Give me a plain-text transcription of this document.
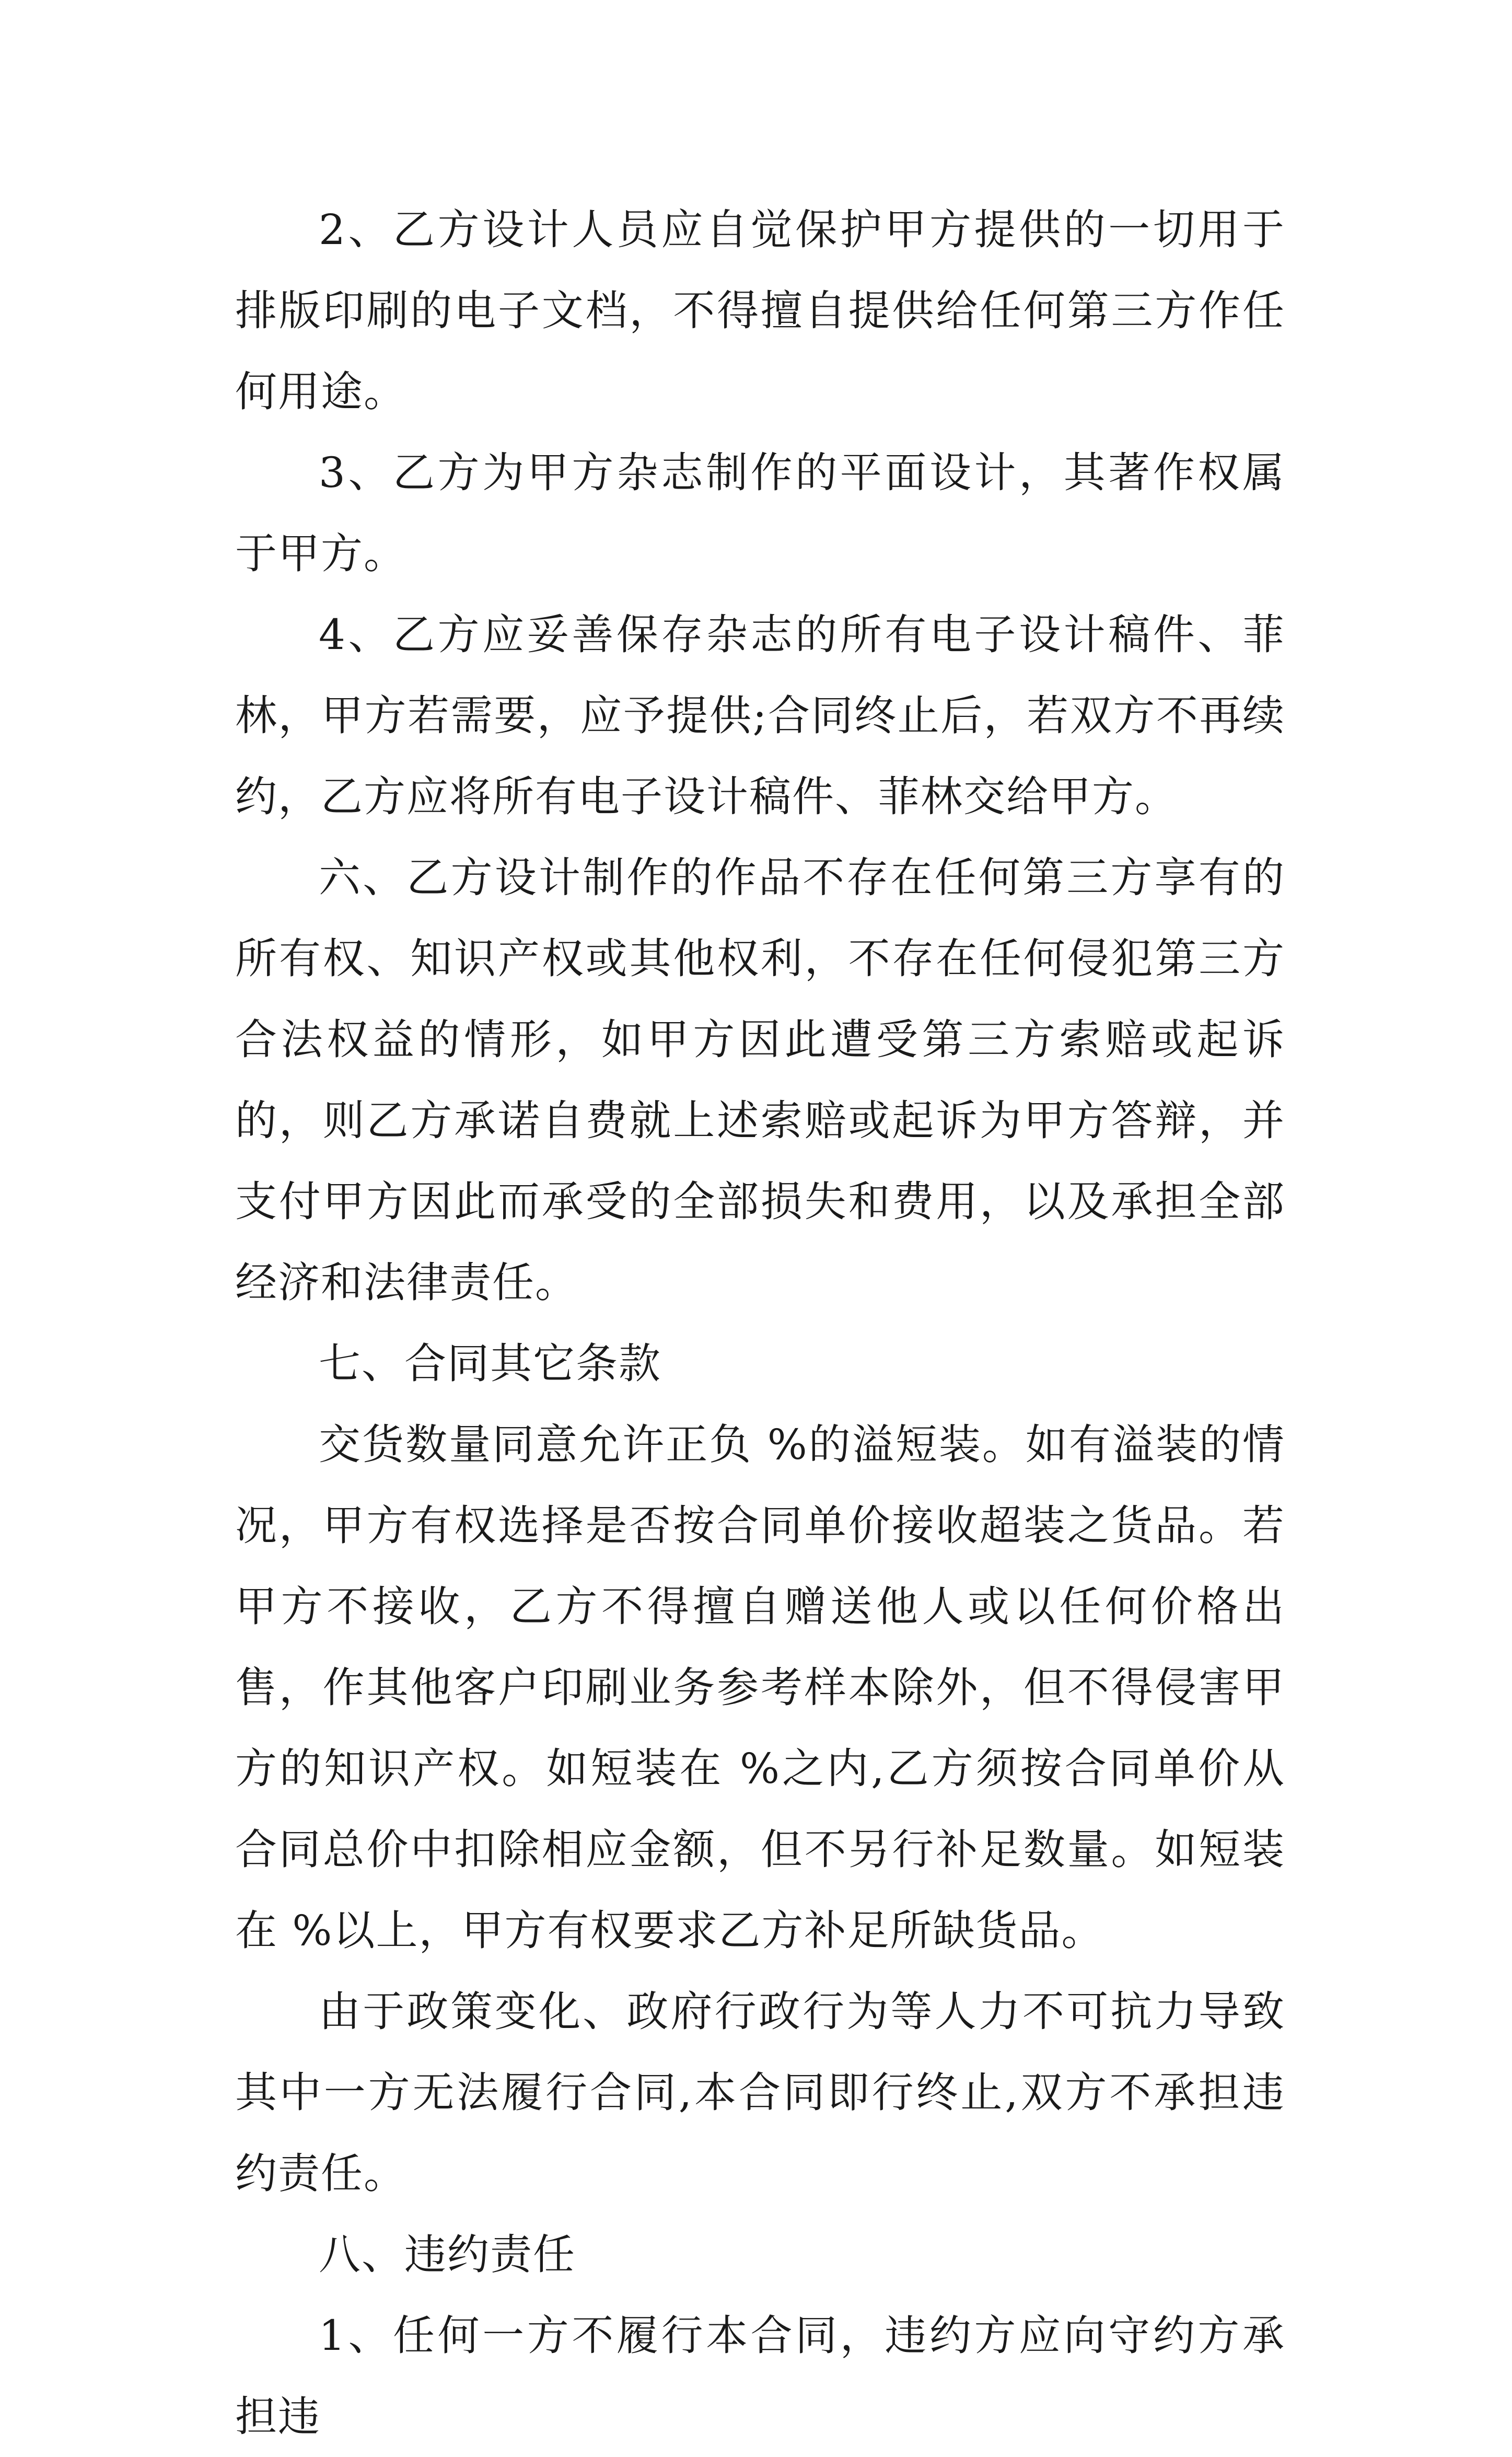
2、乙方设计人员应自觉保护甲方提供的一切用于排版印刷的电子文档，不得擅自提供给任何第三方作任何用途。

3、乙方为甲方杂志制作的平面设计，其著作权属于甲方。

4、乙方应妥善保存杂志的所有电子设计稿件、菲林，甲方若需要，应予提供;合同终止后，若双方不再续约，乙方应将所有电子设计稿件、菲林交给甲方。

六、乙方设计制作的作品不存在任何第三方享有的所有权、知识产权或其他权利，不存在任何侵犯第三方合法权益的情形，如甲方因此遭受第三方索赔或起诉的，则乙方承诺自费就上述索赔或起诉为甲方答辩，并支付甲方因此而承受的全部损失和费用，以及承担全部经济和法律责任。

七、合同其它条款

交货数量同意允许正负 %的溢短装。如有溢装的情况，甲方有权选择是否按合同单价接收超装之货品。若甲方不接收，乙方不得擅自赠送他人或以任何价格出售，作其他客户印刷业务参考样本除外，但不得侵害甲方的知识产权。如短装在 %之内,乙方须按合同单价从合同总价中扣除相应金额，但不另行补足数量。如短装在 %以上，甲方有权要求乙方补足所缺货品。

由于政策变化、政府行政行为等人力不可抗力导致其中一方无法履行合同,本合同即行终止,双方不承担违约责任。

八、违约责任

1、任何一方不履行本合同，违约方应向守约方承担违
